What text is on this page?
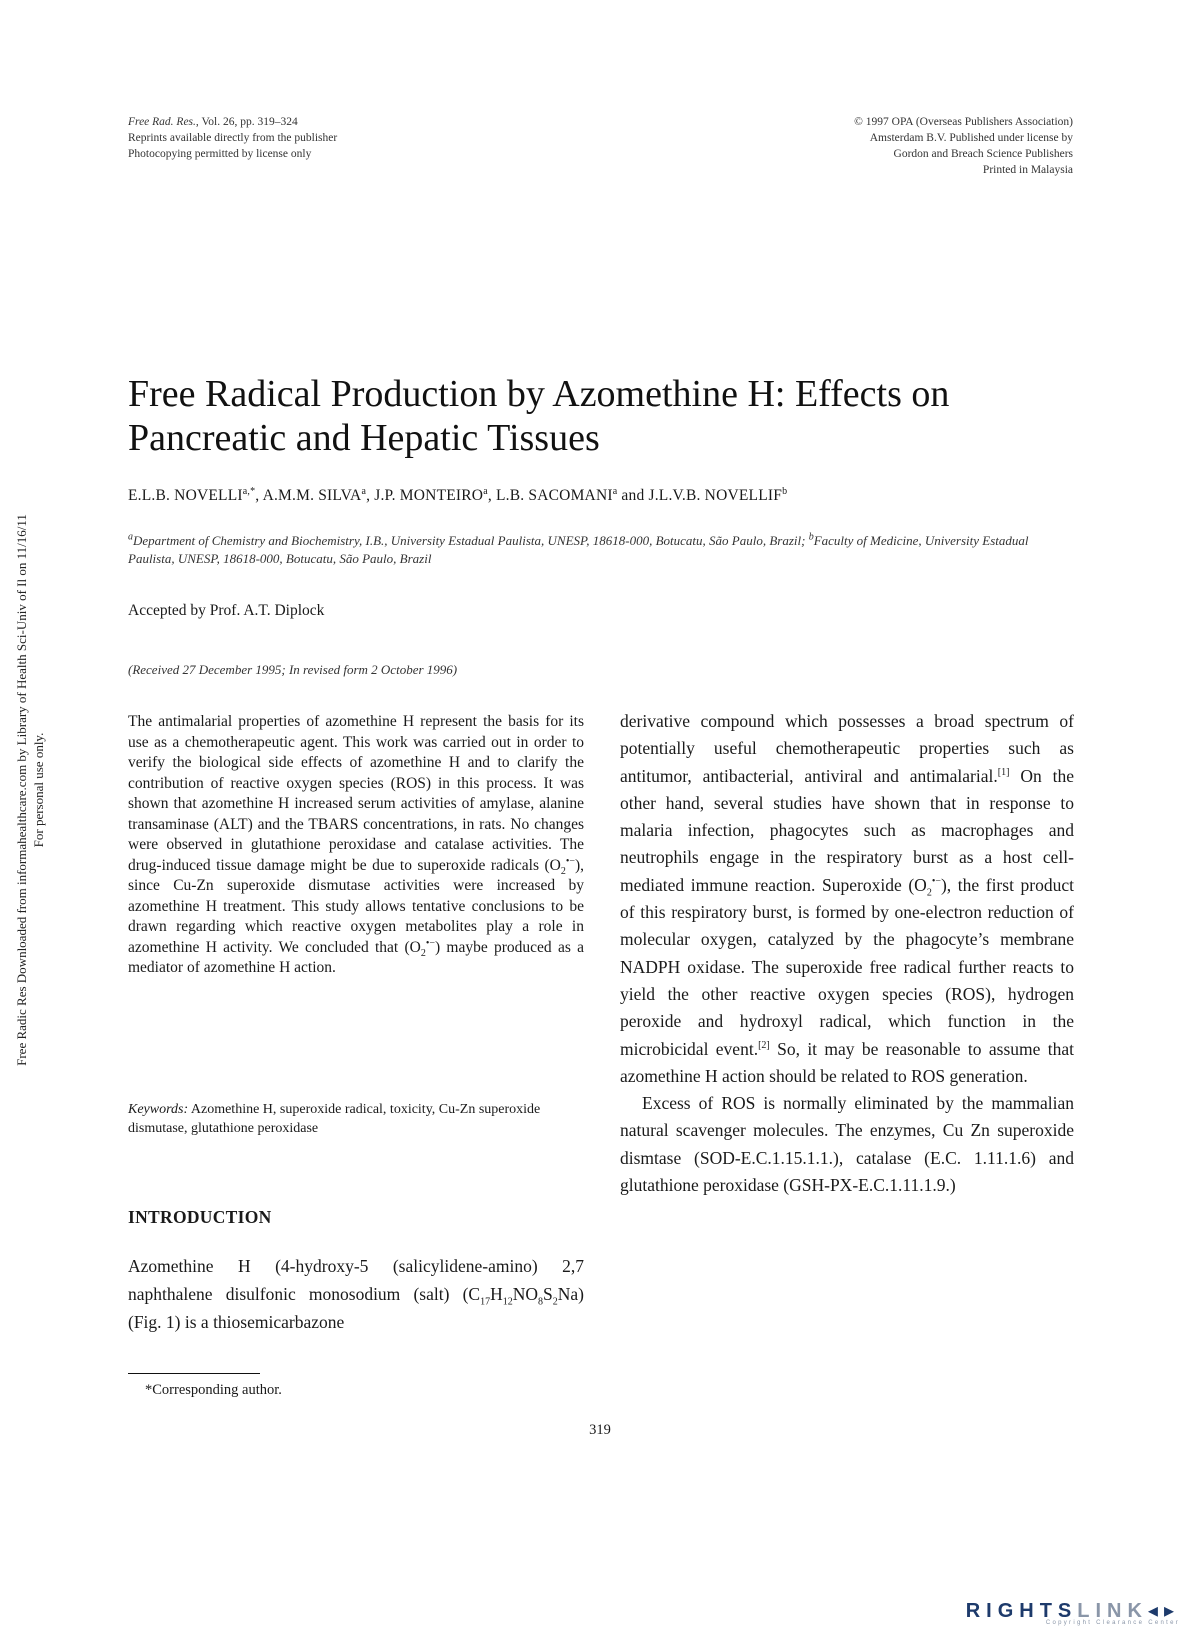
Free Rad. Res., Vol. 26, pp. 319–324
Reprints available directly from the publisher
Photocopying permitted by license only
© 1997 OPA (Overseas Publishers Association)
Amsterdam B.V. Published under license by
Gordon and Breach Science Publishers
Printed in Malaysia
Free Radic Res Downloaded from informahealthcare.com by Library of Health Sci-Univ of Il on 11/16/11 For personal use only.
Free Radical Production by Azomethine H: Effects on Pancreatic and Hepatic Tissues
E.L.B. $NOVELLI^{a,*}$, A.M.M. SILVA$^a$, J.P. MONTEIRO$^a$, L.B. SACOMANI$^a$ and J.L.V.B. NOVELLIF$^b$
$^a$Department of Chemistry and Biochemistry, I.B., University Estadual Paulista, UNESP, 18618-000, Botucatu, São Paulo, Brazil; $^b$Faculty of Medicine, University Estadual Paulista, UNESP, 18618-000, Botucatu, São Paulo, Brazil
Accepted by Prof. A.T. Diplock
(Received 27 December 1995; In revised form 2 October 1996)
The antimalarial properties of azomethine H represent the basis for its use as a chemotherapeutic agent. This work was carried out in order to verify the biological side effects of azomethine H and to clarify the contribution of reactive oxygen species (ROS) in this process. It was shown that azomethine H increased serum activities of amylase, alanine transaminase (ALT) and the TBARS concentrations, in rats. No changes were observed in glutathione peroxidase and catalase activities. The drug-induced tissue damage might be due to superoxide radicals $(O_2^{•-})$, since Cu-Zn superoxide dismutase activities were increased by azomethine H treatment. This study allows tentative conclusions to be drawn regarding which reactive oxygen metabolites play a role in azomethine H activity. We concluded that $(O_2^{•-})$ maybe produced as a mediator of azomethine H action.
Keywords: Azomethine H, superoxide radical, toxicity, Cu-Zn superoxide dismutase, glutathione peroxidase
INTRODUCTION
Azomethine H (4-hydroxy-5 (salicylidene-amino) 2,7 naphthalene disulfonic monosodium (salt) $(C_{17}H_{12}NO_8S_2Na)$ (Fig. 1) is a thiosemicarbazone

derivative compound which possesses a broad spectrum of potentially useful chemotherapeutic properties such as antitumor, antibacterial, antiviral and antimalarial.[1] On the other hand, several studies have shown that in response to malaria infection, phagocytes such as macrophages and neutrophils engage in the respiratory burst as a host cell-mediated immune reaction. Superoxide $(O_2^{•-})$, the first product of this respiratory burst, is formed by one-electron reduction of molecular oxygen, catalyzed by the phagocyte’s membrane NADPH oxidase. The superoxide free radical further reacts to yield the other reactive oxygen species (ROS), hydrogen peroxide and hydroxyl radical, which function in the microbicidal event.[2] So, it may be reasonable to assume that azomethine H action should be related to ROS generation.

Excess of ROS is normally eliminated by the mammalian natural scavenger molecules. The enzymes, Cu Zn superoxide dismtase (SOD-E.C.1.15.1.1.), catalase (E.C. 1.11.1.6) and glutathione peroxidase (GSH-PX-E.C.1.11.1.9.)

*Corresponding author.
319
RIGHTSLINK◂▸
Copyright Clearance Center
